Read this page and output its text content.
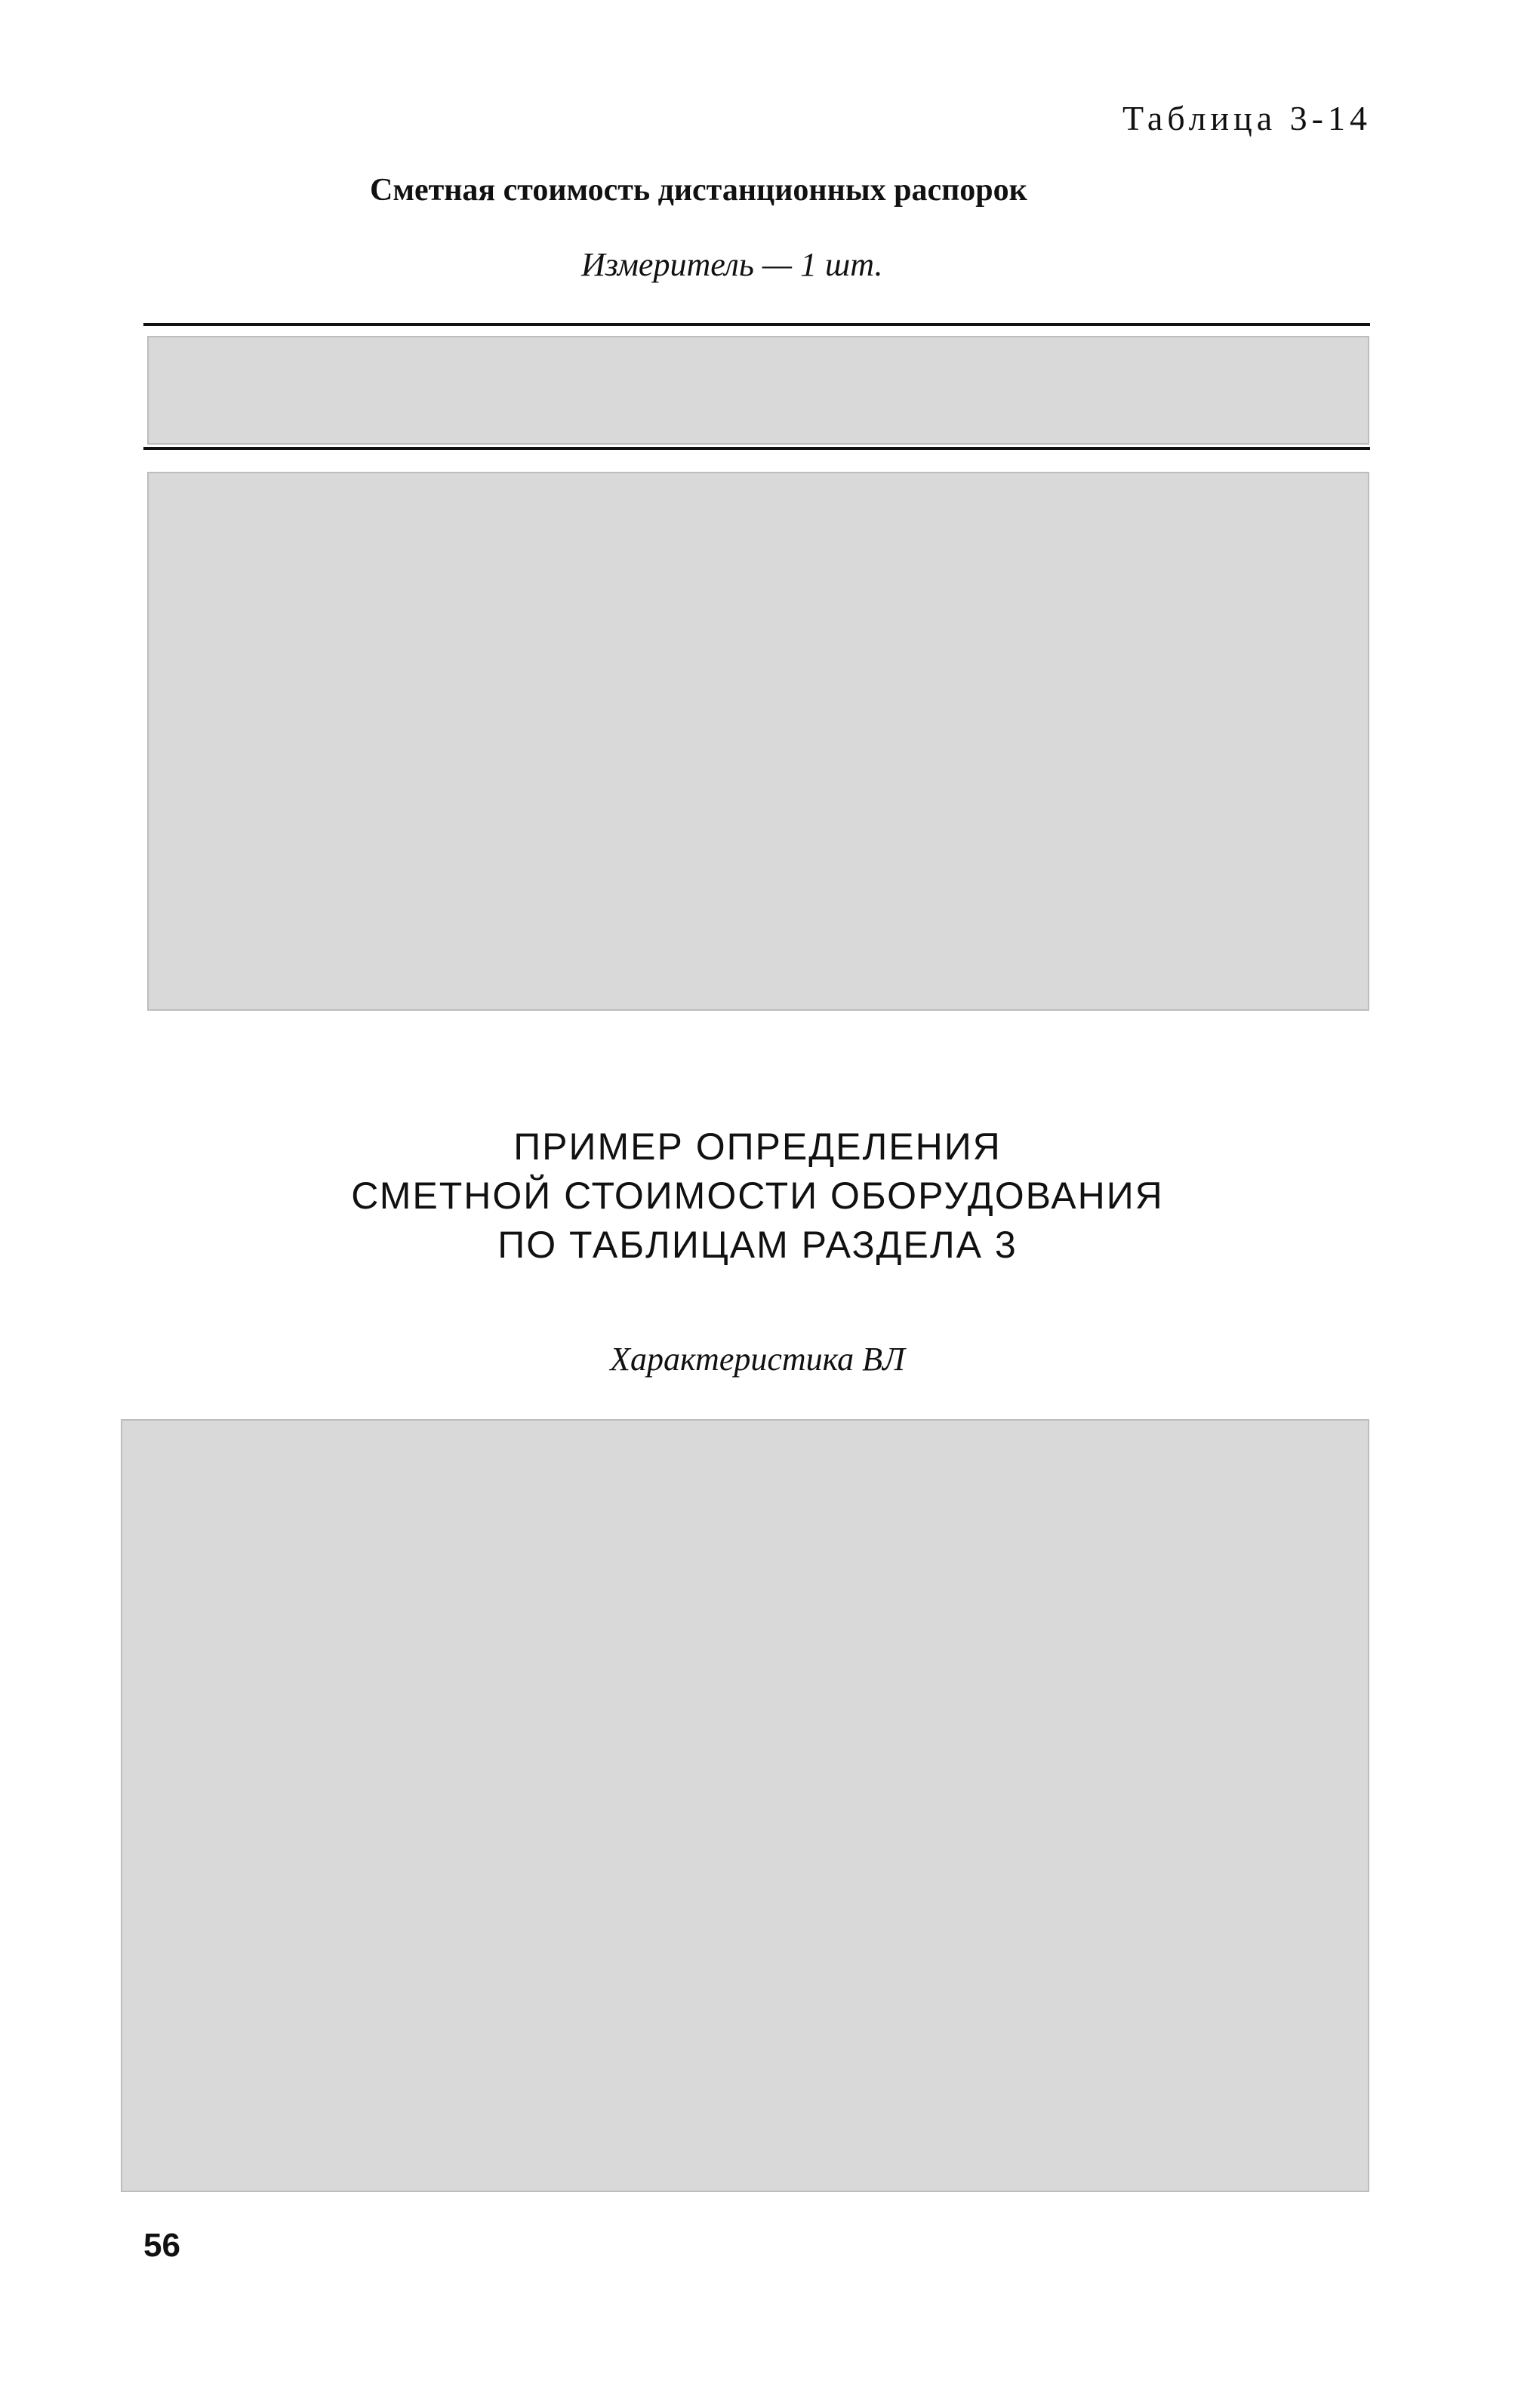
Таблица 3-14
Сметная стоимость дистанционных распорок
Измеритель — 1 шт.
ПРИМЕР ОПРЕДЕЛЕНИЯ
СМЕТНОЙ СТОИМОСТИ ОБОРУДОВАНИЯ
ПО ТАБЛИЦАМ РАЗДЕЛА 3
Характеристика ВЛ
56
